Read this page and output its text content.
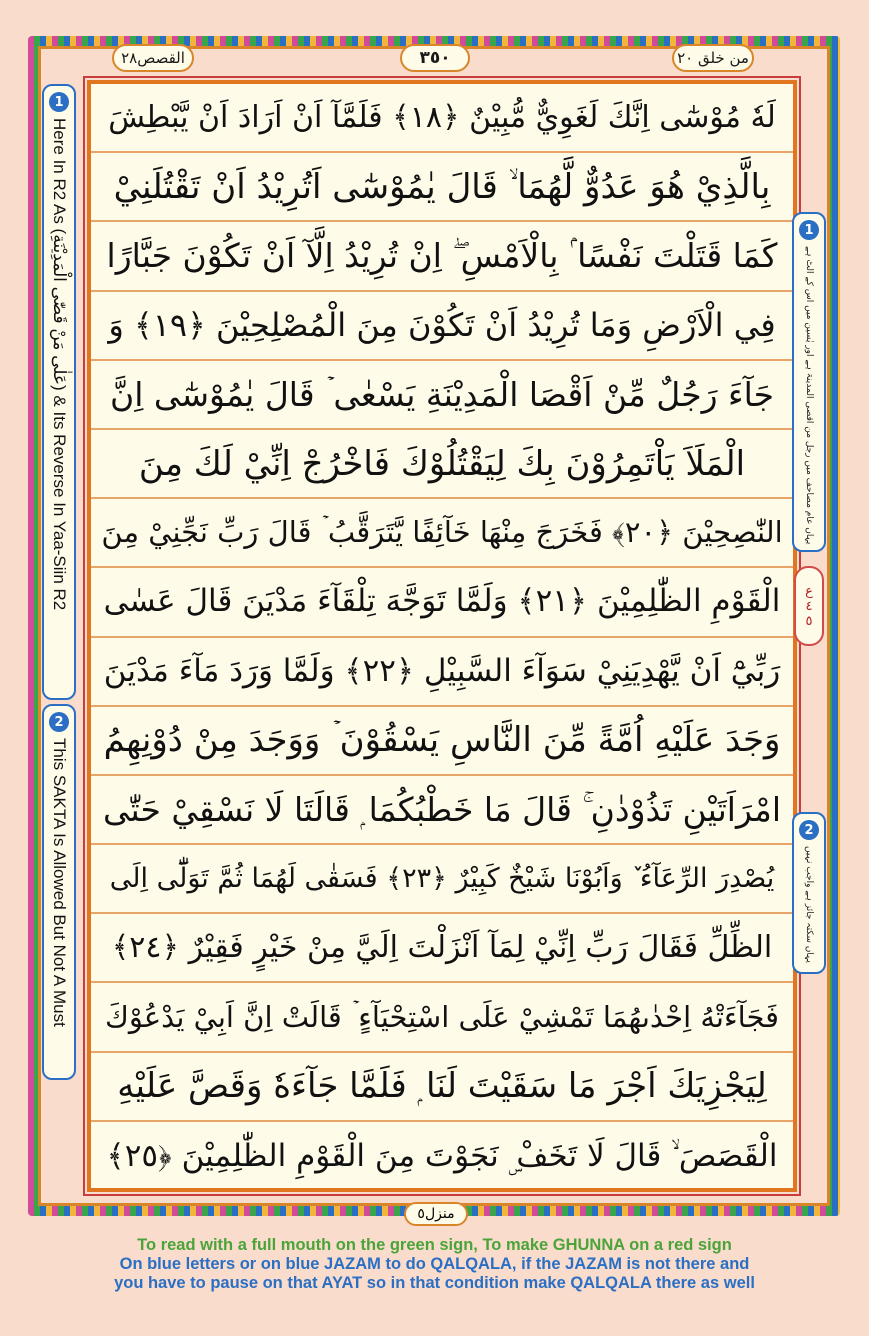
القصص٢٨	٣٥٠	من خلق ٢٠
لَهٗ مُوْسٰٓى اِنَّكَ لَغَوِيٌّ مُّبِيْنٌ ﴿١٨﴾ فَلَمَّآ اَنْ اَرَادَ اَنْ يَّبْطِشَ
بِالَّذِيْ هُوَ عَدُوٌّ لَّهُمَا ۙ قَالَ يٰمُوْسٰٓى اَتُرِيْدُ اَنْ تَقْتُلَنِيْ
كَمَا قَتَلْتَ نَفْسًا ۢ بِالْاَمْسِ ۖ اِنْ تُرِيْدُ اِلَّآ اَنْ تَكُوْنَ جَبَّارًا
فِي الْاَرْضِ وَمَا تُرِيْدُ اَنْ تَكُوْنَ مِنَ الْمُصْلِحِيْنَ ﴿١٩﴾ وَ
جَآءَ رَجُلٌ مِّنْ اَقْصَا الْمَدِيْنَةِ يَسْعٰى ۡ قَالَ يٰمُوْسٰٓى اِنَّ
الْمَلَاَ يَاْتَمِرُوْنَ بِكَ لِيَقْتُلُوْكَ فَاخْرُجْ اِنِّيْ لَكَ مِنَ
النّٰصِحِيْنَ ﴿٢٠﴾ فَخَرَجَ مِنْهَا خَآئِفًا يَّتَرَقَّبُ ۡ قَالَ رَبِّ نَجِّنِيْ مِنَ
الْقَوْمِ الظّٰلِمِيْنَ ﴿٢١﴾ وَلَمَّا تَوَجَّهَ تِلْقَآءَ مَدْيَنَ قَالَ عَسٰى
رَبِّيْٓ اَنْ يَّهْدِيَنِيْ سَوَآءَ السَّبِيْلِ ﴿٢٢﴾ وَلَمَّا وَرَدَ مَآءَ مَدْيَنَ
وَجَدَ عَلَيْهِ اُمَّةً مِّنَ النَّاسِ يَسْقُوْنَ ۡ وَوَجَدَ مِنْ دُوْنِهِمُ
امْرَاَتَيْنِ تَذُوْدٰنِ ۚ قَالَ مَا خَطْبُكُمَا ۭ قَالَتَا لَا نَسْقِيْ حَتّٰى
يُصْدِرَ الرِّعَآءُ ٚ وَاَبُوْنَا شَيْخٌ كَبِيْرٌ ﴿٢٣﴾ فَسَقٰى لَهُمَا ثُمَّ تَوَلّٰٓى اِلَى
الظِّلِّ فَقَالَ رَبِّ اِنِّيْ لِمَآ اَنْزَلْتَ اِلَيَّ مِنْ خَيْرٍ فَقِيْرٌ ﴿٢٤﴾
فَجَآءَتْهُ اِحْدٰىهُمَا تَمْشِيْ عَلَى اسْتِحْيَآءٍ ۡ قَالَتْ اِنَّ اَبِيْ يَدْعُوْكَ
لِيَجْزِيَكَ اَجْرَ مَا سَقَيْتَ لَنَا ۭ فَلَمَّا جَآءَهٗ وَقَصَّ عَلَيْهِ
الْقَصَصَ ۙ قَالَ لَا تَخَفْ ۣ نَجَوْتَ مِنَ الْقَوْمِ الظّٰلِمِيْنَ ﴿٢٥﴾
1
Here In R2 As (عَلٰى مَنْ قَصّٰى الْمَدِيْنَةِ) & Its Reverse In Yaa-Siin R2
2
This SAKTA Is Allowed But Not A Must
1
یہاں عام مصاحف میں رجل من اقصی المدینۃ ہے اور یٰسین میں اس کے الٹ ہے
ع
٤
٥
2
یہاں سکتہ جائز ہے واجب نہیں
منزل٥
To read with a full mouth on the green sign, To make GHUNNA on a red sign
On blue letters or on blue JAZAM to do QALQALA, if the JAZAM is not there and
you have to pause on that AYAT so in that condition make QALQALA there as well
